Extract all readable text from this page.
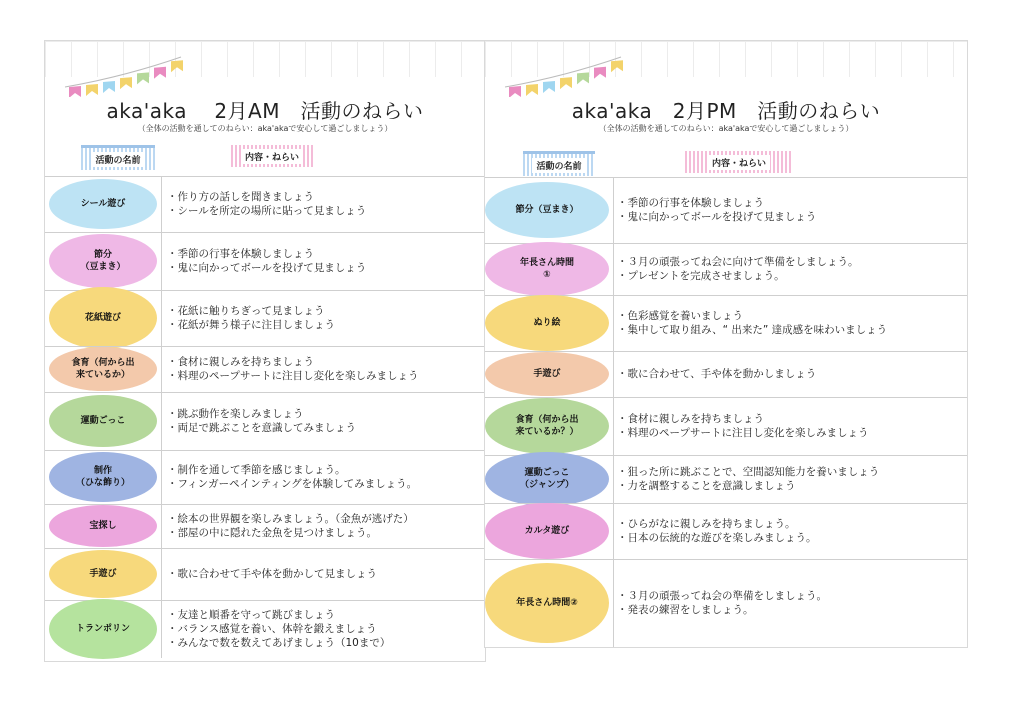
aka'aka　 2月AM　活動のねらい
（全体の活動を通してのねらい：aka'akaで安心して過ごしましょう）
活動の名前	内容・ねらい
シール遊び
・作り方の話しを聞きましょう
・シールを所定の場所に貼って見ましょう
節分
（豆まき）
・季節の行事を体験しましょう
・鬼に向かってボールを投げて見ましょう
花紙遊び
・花紙に触りちぎって見ましょう
・花紙が舞う様子に注目しましょう
食育（何から出
来ているか）
・食材に親しみを持ちましょう
・料理のペープサートに注目し変化を楽しみましょう
運動ごっこ
・跳ぶ動作を楽しみましょう
・両足で跳ぶことを意識してみましょう
制作
（ひな飾り）
・制作を通して季節を感じましょう。
・フィンガーペインティングを体験してみましょう。
宝探し
・絵本の世界観を楽しみましょう。（金魚が逃げた）
・部屋の中に隠れた金魚を見つけましょう。
手遊び	・歌に合わせて手や体を動かして見ましょう
トランポリン
・友達と順番を守って跳びましょう
・バランス感覚を養い、体幹を鍛えましょう
・みんなで数を数えてあげましょう（10まで）
aka'aka　2月PM　活動のねらい
（全体の活動を通してのねらい：aka'akaで安心して過ごしましょう）
活動の名前	内容・ねらい
節分（豆まき）
・季節の行事を体験しましょう
・鬼に向かってボールを投げて見ましょう
年長さん時間
①
・３月の頑張ってね会に向けて準備をしましょう。
・プレゼントを完成させましょう。
ぬり絵
・色彩感覚を養いましょう
・集中して取り組み、“ 出来た” 達成感を味わいましょう
手遊び	・歌に合わせて、手や体を動かしましょう
食育（何から出
来ているか？）
・食材に親しみを持ちましょう
・料理のペープサートに注目し変化を楽しみましょう
運動ごっこ
（ジャンプ）
・狙った所に跳ぶことで、空間認知能力を養いましょう
・力を調整することを意識しましょう
カルタ遊び
・ひらがなに親しみを持ちましょう。
・日本の伝統的な遊びを楽しみましょう。
年長さん時間②
・３月の頑張ってね会の準備をしましょう。
・発表の練習をしましょう。
